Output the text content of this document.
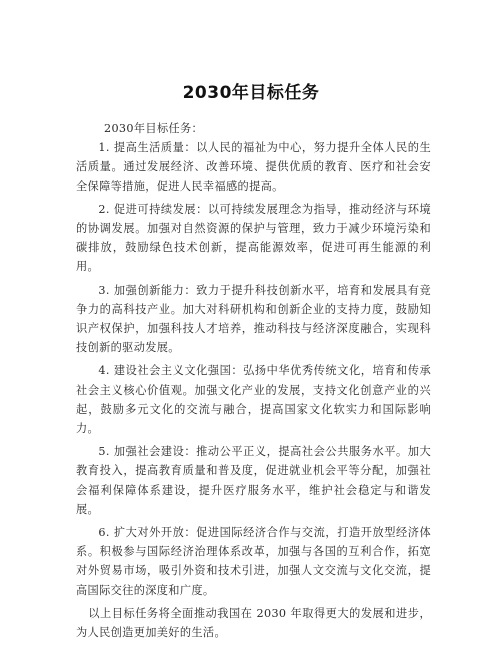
2030年目标任务

2030年目标任务：

1. 提高生活质量：以人民的福祉为中心，努力提升全体人民的生活质量。通过发展经济、改善环境、提供优质的教育、医疗和社会安全保障等措施，促进人民幸福感的提高。

2. 促进可持续发展：以可持续发展理念为指导，推动经济与环境的协调发展。加强对自然资源的保护与管理，致力于减少环境污染和碳排放，鼓励绿色技术创新，提高能源效率，促进可再生能源的利用。

3. 加强创新能力：致力于提升科技创新水平，培育和发展具有竞争力的高科技产业。加大对科研机构和创新企业的支持力度，鼓励知识产权保护，加强科技人才培养，推动科技与经济深度融合，实现科技创新的驱动发展。

4. 建设社会主义文化强国：弘扬中华优秀传统文化，培育和传承社会主义核心价值观。加强文化产业的发展，支持文化创意产业的兴起，鼓励多元文化的交流与融合，提高国家文化软实力和国际影响力。

5. 加强社会建设：推动公平正义，提高社会公共服务水平。加大教育投入，提高教育质量和普及度，促进就业机会平等分配，加强社会福利保障体系建设，提升医疗服务水平，维护社会稳定与和谐发展。

6. 扩大对外开放：促进国际经济合作与交流，打造开放型经济体系。积极参与国际经济治理体系改革，加强与各国的互利合作，拓宽对外贸易市场，吸引外资和技术引进，加强人文交流与文化交流，提高国际交往的深度和广度。

以上目标任务将全面推动我国在 2030 年取得更大的发展和进步，为人民创造更加美好的生活。
